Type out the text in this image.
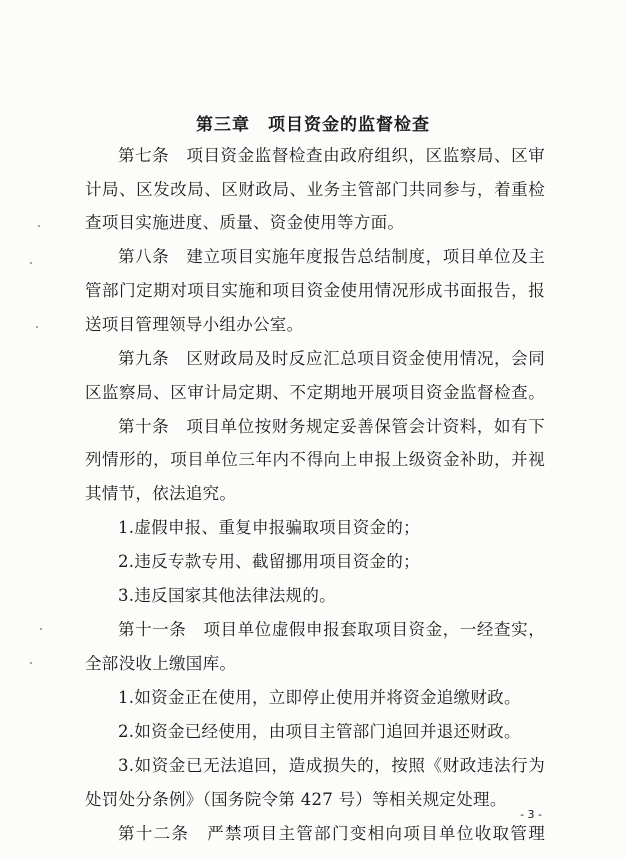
第三章　项目资金的监督检查
第七条　项目资金监督检查由政府组织，区监察局、区审
计局、区发改局、区财政局、业务主管部门共同参与，着重检
查项目实施进度、质量、资金使用等方面。
第八条　建立项目实施年度报告总结制度，项目单位及主
管部门定期对项目实施和项目资金使用情况形成书面报告，报
送项目管理领导小组办公室。
第九条　区财政局及时反应汇总项目资金使用情况，会同
区监察局、区审计局定期、不定期地开展项目资金监督检查。
第十条　项目单位按财务规定妥善保管会计资料，如有下
列情形的，项目单位三年内不得向上申报上级资金补助，并视
其情节，依法追究。
1.虚假申报、重复申报骗取项目资金的；
2.违反专款专用、截留挪用项目资金的；
3.违反国家其他法律法规的。
第十一条　项目单位虚假申报套取项目资金，一经查实，
全部没收上缴国库。
1.如资金正在使用，立即停止使用并将资金追缴财政。
2.如资金已经使用，由项目主管部门追回并退还财政。
3.如资金已无法追回，造成损失的，按照《财政违法行为
处罚处分条例》（国务院令第 427 号）等相关规定处理。
第十二条　严禁项目主管部门变相向项目单位收取管理
- 3 -
